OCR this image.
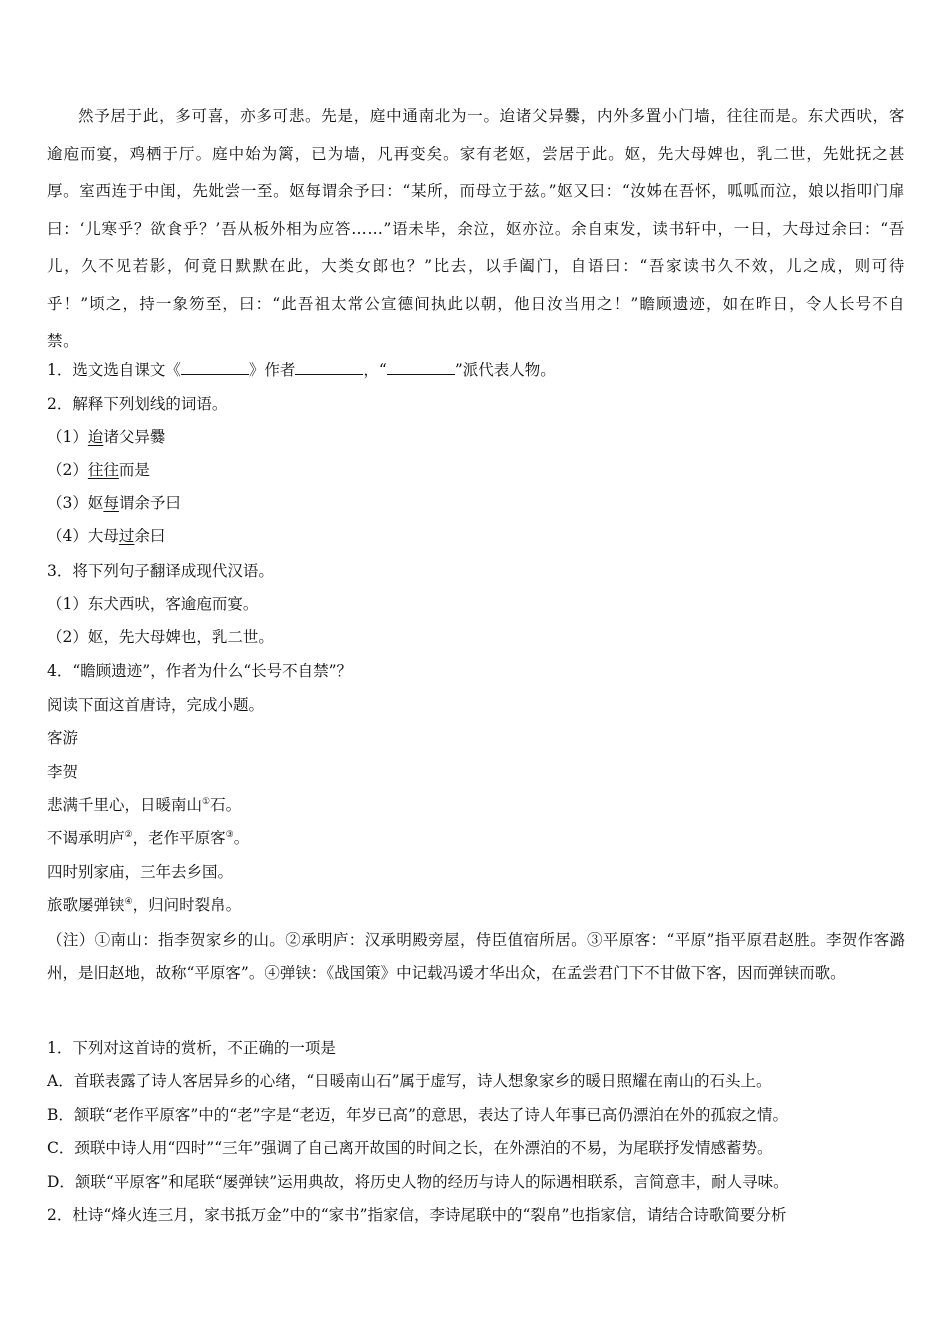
然予居于此，多可喜，亦多可悲。先是，庭中通南北为一。迨诸父异爨，内外多置小门墙，往往而是。东犬西吠，客逾庖而宴，鸡栖于厅。庭中始为篱，已为墙，凡再变矣。家有老妪，尝居于此。妪，先大母婢也，乳二世，先妣抚之甚厚。室西连于中闺，先妣尝一至。妪每谓余予曰：“某所，而母立于兹。”妪又曰：“汝姊在吾怀，呱呱而泣，娘以指叩门扉曰：‘儿寒乎？欲食乎？’吾从板外相为应答……”语未毕，余泣，妪亦泣。余自束发，读书轩中，一日，大母过余曰：“吾儿，久不见若影，何竟日默默在此，大类女郎也？”比去，以手阖门，自语曰：“吾家读书久不效，儿之成，则可待乎！”顷之，持一象笏至，曰：“此吾祖太常公宣德间执此以朝，他日汝当用之！”瞻顾遗迹，如在昨日，令人长号不自禁。

1．选文选自课文《	》作者	，“	”派代表人物。
2．解释下列划线的词语。
（1）迨诸父异爨
（2）往往而是
（3）妪每谓余予曰
（4）大母过余曰
3．将下列句子翻译成现代汉语。
（1）东犬西吠，客逾庖而宴。
（2）妪，先大母婢也，乳二世。
4．“瞻顾遗迹”，作者为什么“长号不自禁”？
阅读下面这首唐诗，完成小题。
客游
李贺
悲满千里心，日暖南山①石。
不谒承明庐②，老作平原客③。
四时别家庙，三年去乡国。
旅歌屡弹铗④，归问时裂帛。
（注）①南山：指李贺家乡的山。②承明庐：汉承明殿旁屋，侍臣值宿所居。③平原客：“平原”指平原君赵胜。李贺作客潞州，是旧赵地，故称“平原客”。④弹铗：《战国策》中记载冯谖才华出众，在孟尝君门下不甘做下客，因而弹铗而歌。
1．下列对这首诗的赏析，不正确的一项是
A．首联表露了诗人客居异乡的心绪，“日暖南山石”属于虚写，诗人想象家乡的暖日照耀在南山的石头上。
B．颔联“老作平原客”中的“老”字是“老迈，年岁已高”的意思，表达了诗人年事已高仍漂泊在外的孤寂之情。
C．颈联中诗人用“四时”“三年”强调了自己离开故国的时间之长，在外漂泊的不易，为尾联抒发情感蓄势。
D．颔联“平原客”和尾联“屡弹铗”运用典故，将历史人物的经历与诗人的际遇相联系，言简意丰，耐人寻味。
2．杜诗“烽火连三月，家书抵万金”中的“家书”指家信，李诗尾联中的“裂帛”也指家信，请结合诗歌简要分析
